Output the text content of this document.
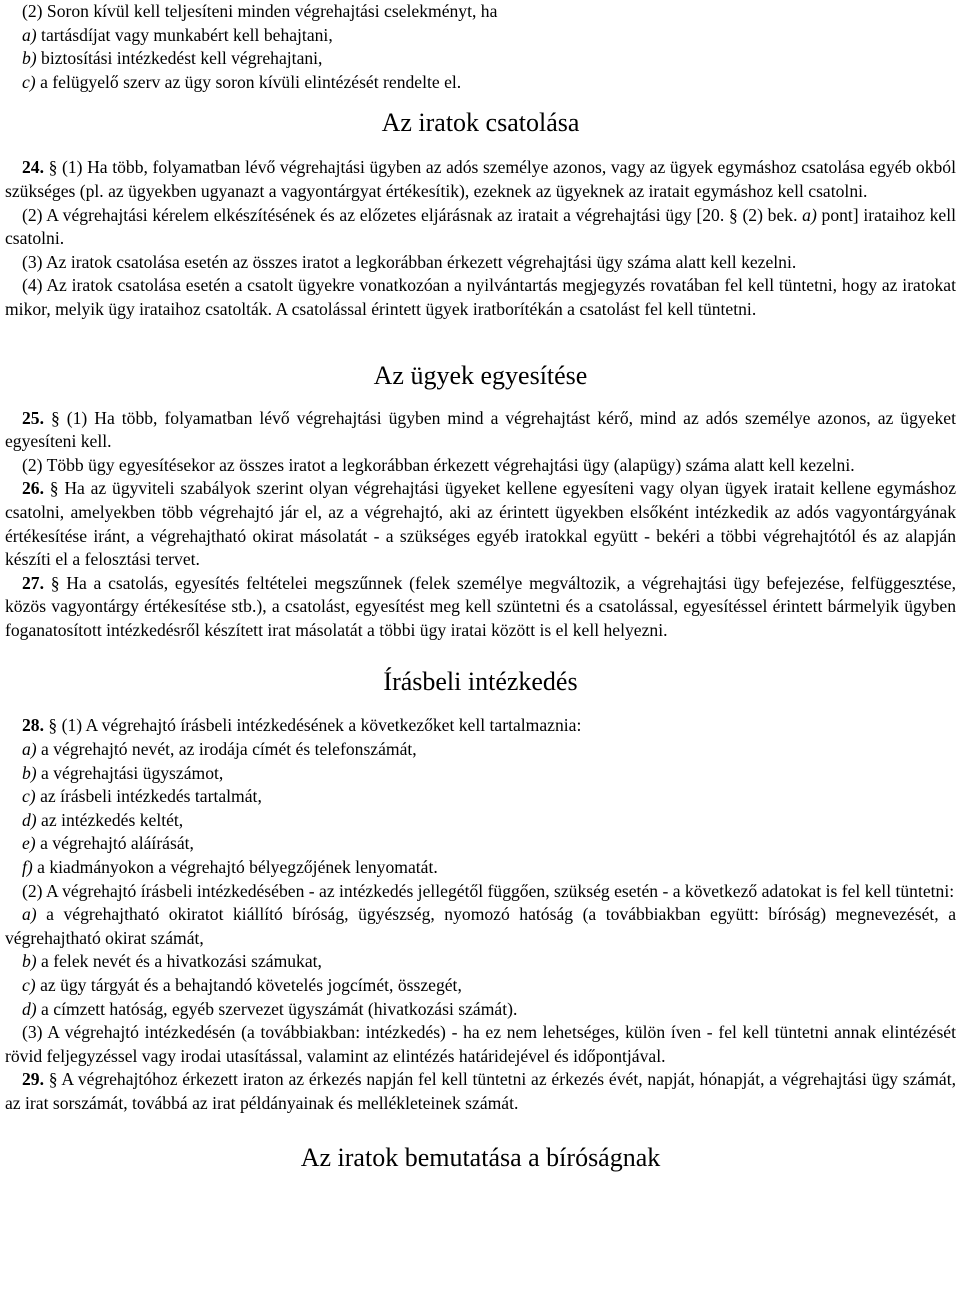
(2) Soron kívül kell teljesíteni minden végrehajtási cselekményt, ha

a) tartásdíjat vagy munkabért kell behajtani,

b) biztosítási intézkedést kell végrehajtani,

c) a felügyelő szerv az ügy soron kívüli elintézését rendelte el.

Az iratok csatolása

24. § (1) Ha több, folyamatban lévő végrehajtási ügyben az adós személye azonos, vagy az ügyek egymáshoz csatolása egyéb okból szükséges (pl. az ügyekben ugyanazt a vagyontárgyat értékesítik), ezeknek az ügyeknek az iratait egymáshoz kell csatolni.

(2) A végrehajtási kérelem elkészítésének és az előzetes eljárásnak az iratait a végrehajtási ügy [20. § (2) bek. a) pont] irataihoz kell csatolni.

(3) Az iratok csatolása esetén az összes iratot a legkorábban érkezett végrehajtási ügy száma alatt kell kezelni.

(4) Az iratok csatolása esetén a csatolt ügyekre vonatkozóan a nyilvántartás megjegyzés rovatában fel kell tüntetni, hogy az iratokat mikor, melyik ügy irataihoz csatolták. A csatolással érintett ügyek iratborítékán a csatolást fel kell tüntetni.

Az ügyek egyesítése

25. § (1) Ha több, folyamatban lévő végrehajtási ügyben mind a végrehajtást kérő, mind az adós személye azonos, az ügyeket egyesíteni kell.

(2) Több ügy egyesítésekor az összes iratot a legkorábban érkezett végrehajtási ügy (alapügy) száma alatt kell kezelni.

26. § Ha az ügyviteli szabályok szerint olyan végrehajtási ügyeket kellene egyesíteni vagy olyan ügyek iratait kellene egymáshoz csatolni, amelyekben több végrehajtó jár el, az a végrehajtó, aki az érintett ügyekben elsőként intézkedik az adós vagyontárgyának értékesítése iránt, a végrehajtható okirat másolatát - a szükséges egyéb iratokkal együtt - bekéri a többi végrehajtótól és az alapján készíti el a felosztási tervet.

27. § Ha a csatolás, egyesítés feltételei megszűnnek (felek személye megváltozik, a végrehajtási ügy befejezése, felfüggesztése, közös vagyontárgy értékesítése stb.), a csatolást, egyesítést meg kell szüntetni és a csatolással, egyesítéssel érintett bármelyik ügyben foganatosított intézkedésről készített irat másolatát a többi ügy iratai között is el kell helyezni.

Írásbeli intézkedés

28. § (1) A végrehajtó írásbeli intézkedésének a következőket kell tartalmaznia:

a) a végrehajtó nevét, az irodája címét és telefonszámát,

b) a végrehajtási ügyszámot,

c) az írásbeli intézkedés tartalmát,

d) az intézkedés keltét,

e) a végrehajtó aláírását,

f) a kiadmányokon a végrehajtó bélyegzőjének lenyomatát.

(2) A végrehajtó írásbeli intézkedésében - az intézkedés jellegétől függően, szükség esetén - a következő adatokat is fel kell tüntetni:

a) a végrehajtható okiratot kiállító bíróság, ügyészség, nyomozó hatóság (a továbbiakban együtt: bíróság) megnevezését, a végrehajtható okirat számát,

b) a felek nevét és a hivatkozási számukat,

c) az ügy tárgyát és a behajtandó követelés jogcímét, összegét,

d) a címzett hatóság, egyéb szervezet ügyszámát (hivatkozási számát).

(3) A végrehajtó intézkedésén (a továbbiakban: intézkedés) - ha ez nem lehetséges, külön íven - fel kell tüntetni annak elintézését rövid feljegyzéssel vagy irodai utasítással, valamint az elintézés határidejével és időpontjával.

29. § A végrehajtóhoz érkezett iraton az érkezés napján fel kell tüntetni az érkezés évét, napját, hónapját, a végrehajtási ügy számát, az irat sorszámát, továbbá az irat példányainak és mellékleteinek számát.

Az iratok bemutatása a bíróságnak
